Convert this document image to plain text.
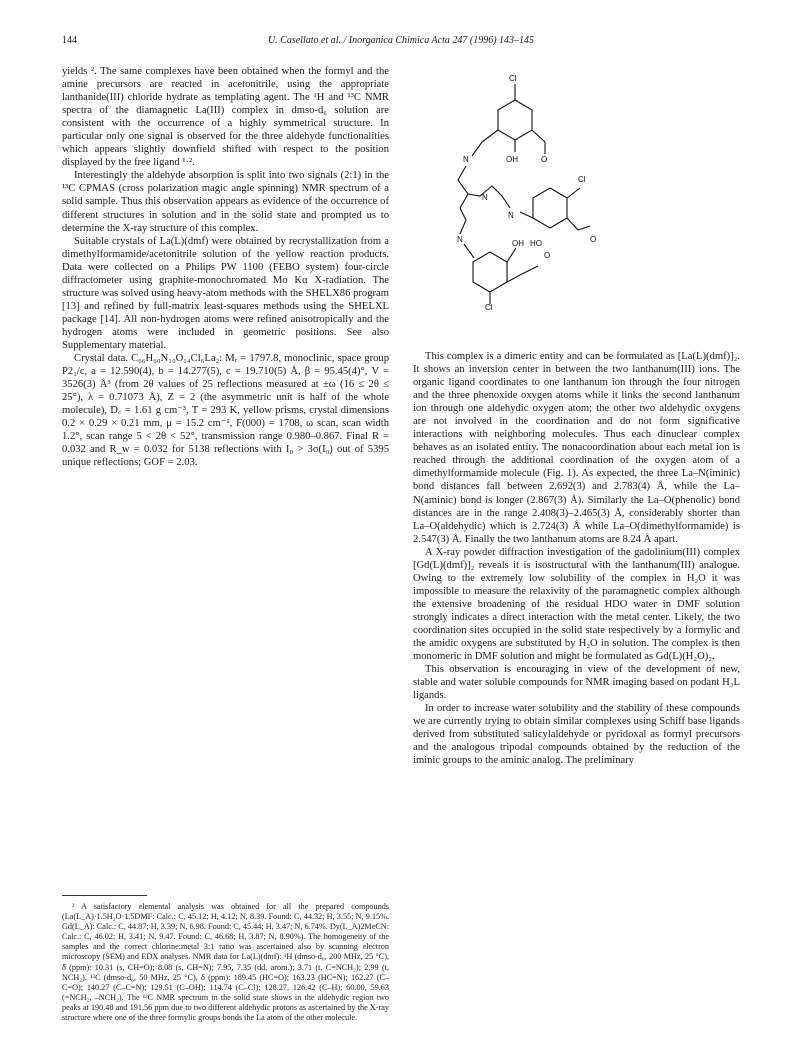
144	U. Casellato et al. / Inorganica Chimica Acta 247 (1996) 143–145

yields ². The same complexes have been obtained when the formyl and the amine precursors are reacted in acetonitrile, using the appropriate lanthanide(III) chloride hydrate as templating agent. The ¹H and ¹³C NMR spectra of the diamagnetic La(III) complex in dmso-d₆ solution are consistent with the occurrence of a highly symmetrical structure. In particular only one signal is observed for the three aldehyde functionalities which appears slightly downfield shifted with respect to the position displayed by the free ligand ¹·².

Interestingly the aldehyde absorption is split into two signals (2:1) in the ¹³C CPMAS (cross polarization magic angle spinning) NMR spectrum of a solid sample. Thus this observation appears as evidence of the occurrence of different structures in solution and in the solid state and prompted us to determine the X-ray structure of this complex.

Suitable crystals of La(L)(dmf) were obtained by recrystallization from a dimethylformamide/acetonitrile solution of the yellow reaction products. Data were collected on a Philips PW 1100 (FEBO system) four-circle diffractometer using graphite-monochromated Mo Kα X-radiation. The structure was solved using heavy-atom methods with the SHELX86 program [13] and refined by full-matrix least-squares methods using the SHELXL package [14]. All non-hydrogen atoms were refined anisotropically and the hydrogen atoms were included in geometric positions. See also Supplementary material.

Crystal data. C₆₆H₆₀N₁₀O₁₄Cl₆La₂: Mᵣ = 1797.8, monoclinic, space group P2₁/c, a = 12.590(4), b = 14.277(5), c = 19.710(5) Å, β = 95.45(4)°, V = 3526(3) Å³ (from 2θ values of 25 reflections measured at ±ω (16 ≤ 2θ ≤ 25°), λ = 0.71073 Å), Z = 2 (the asymmetric unit is half of the whole molecule), D꜀ = 1.61 g cm⁻³, T = 293 K, yellow prisms, crystal dimensions 0.2 × 0.29 × 0.21 mm, μ = 15.2 cm⁻¹, F(000) = 1708, ω scan, scan width 1.2°, scan range 5 < 2θ < 52°, transmission range 0.980–0.867. Final R = 0.032 and R_w = 0.032 for 5138 reflections with I₀ > 3σ(I₀) out of 5395 unique reflections; GOF = 2.03.

Cl
N	OH	O
N
N
Cl
O
N	OH HO
O
Cl

This complex is a dimeric entity and can be formulated as [La(L)(dmf)]₂. It shows an inversion center in between the two lanthanum(III) ions. The organic ligand coordinates to one lanthanum ion through the four nitrogen and the three phenoxide oxygen atoms while it links the second lanthanum ion through one aldehydic oxygen atom; the other two aldehydic oxygens are not involved in the coordination and do not form significative interactions with neighboring molecules. Thus each dinuclear complex behaves as an isolated entity. The nonacoordination about each metal ion is reached through the additional coordination of the oxygen atom of a dimethylformamide molecule (Fig. 1). As expected, the three La–N(iminic) bond distances fall between 2.692(3) and 2.783(4) Å, while the La–N(aminic) bond is longer (2.867(3) Å). Similarly the La–O(phenolic) bond distances are in the range 2.408(3)–2.465(3) Å, considerably shorter than La–O(aldehydic) which is 2.724(3) Å while La–O(dimethylformamide) is 2.547(3) Å. Finally the two lanthanum atoms are 8.24 Å apart.

A X-ray powder diffraction investigation of the gadolinium(III) complex [Gd(L)(dmf)]₂ reveals it is isostructural with the lanthanum(III) analogue. Owing to the extremely low solubility of the complex in H₂O it was impossible to measure the relaxivity of the paramagnetic complex although the extensive broadening of the residual HDO water in DMF solution strongly indicates a direct interaction with the metal center. Likely, the two coordination sites occupied in the solid state respectively by a formylic and the amidic oxygens are substituted by H₂O in solution. The complex is then monomeric in DMF solution and might be formulated as Gd(L)(H₂O)₂.

This observation is encouraging in view of the development of new, stable and water soluble compounds for NMR imaging based on podant H₃L ligands.

In order to increase water solubility and the stability of these compounds we are currently trying to obtain similar complexes using Schiff base ligands derived from substituted salicylaldehyde or pyridoxal as formyl precursors and the analogous tripodal compounds obtained by the reduction of the iminic groups to the aminic analog. The preliminary

² A satisfactory elemental analysis was obtained for all the prepared compounds (La(L_A)·1.5H₂O·1.5DMF: Calc.: C, 45.12; H, 4.12; N, 8.39. Found: C, 44.32; H, 3.55; N, 9.15%. Gd(L_A): Calc.: C, 44.87; H, 3.39; N, 6.98. Found: C, 45.44; H, 3.47; N, 6.74%. Dy(L_A)2MeCN: Calc.: C, 46.02; H, 3.41; N, 9.47. Found: C, 46.68; H, 3.87; N, 8.90%). The homogeneity of the samples and the correct chlorine:metal 3:1 ratio was ascertained also by scanning electron microscopy (SEM) and EDX analyses. NMR data for La(L)(dmf): ¹H (dmso-d₆, 200 MHz, 25 °C), δ (ppm): 10.31 (s, CH=O); 8.08 (s, CH=N); 7.95, 7.35 (dd, arom.); 3.71 (t, C=NCH₂); 2.99 (t, NCH₂). ¹³C (dmso-d₆, 50 MHz, 25 °C), δ (ppm): 189.45 (HC=O); 163.23 (HC=N); 162.27 (C–C=O); 140.27 (C–C=N); 129.51 (C–OH); 114.74 (C–Cl); 128.27, 126.42 (C–H); 60.00, 59.63 (=NCH₂, –NCH₂). The ¹³C NMR spectrum in the solid state shows in the aldehydic region two peaks at 190.48 and 191.56 ppm due to two different aldehydic protons as ascertained by the X-ray structure where one of the three formylic groups bonds the La atom of the other molecule.
